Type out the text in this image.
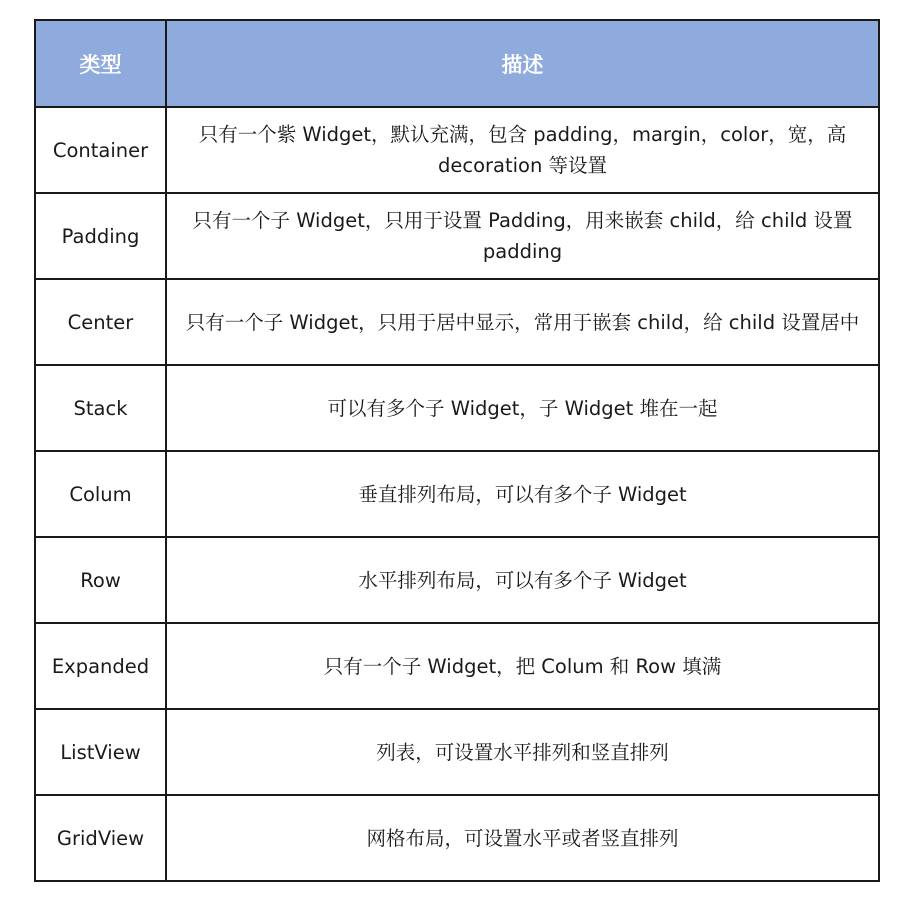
类型	描述
Container	只有一个紫 Widget，默认充满，包含 padding，margin，color，宽，高 decoration 等设置
Padding	只有一个子 Widget，只用于设置 Padding，用来嵌套 child，给 child 设置 padding
Center	只有一个子 Widget，只用于居中显示，常用于嵌套 child，给 child 设置居中
Stack	可以有多个子 Widget，子 Widget 堆在一起
Colum	垂直排列布局，可以有多个子 Widget
Row	水平排列布局，可以有多个子 Widget
Expanded	只有一个子 Widget，把 Colum 和 Row 填满
ListView	列表，可设置水平排列和竖直排列
GridView	网格布局，可设置水平或者竖直排列
